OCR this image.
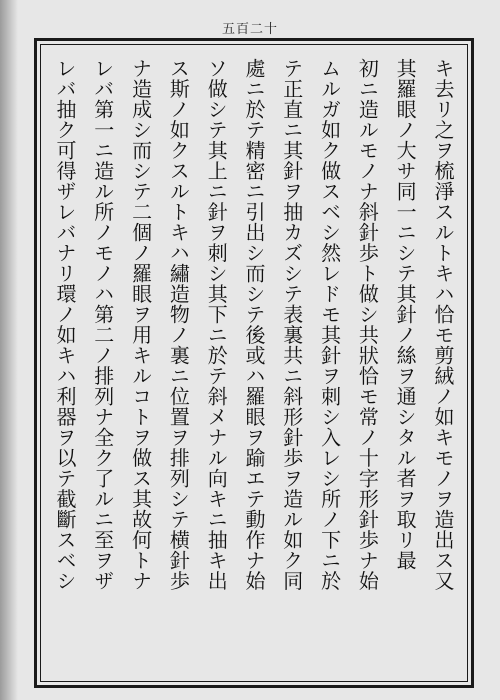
五百二十
キ去リ之ヲ梳淨スルトキハ恰モ剪絨ノ如キモノヲ造出ス又
其羅眼ノ大サ同一ニシテ其針ノ絲ヲ通シタル者ヲ取リ最
初ニ造ルモノナ斜針歩ト做シ共狀恰モ常ノ十字形針歩ナ始
ムルガ如ク做スベシ然レドモ其針ヲ刺シ入レシ所ノ下ニ於
テ正直ニ其針ヲ抽カズシテ表裏共ニ斜形針歩ヲ造ル如ク同
處ニ於テ精密ニ引出シ而シテ後或ハ羅眼ヲ踰エテ動作ナ始
ソ做シテ其上ニ針ヲ刺シ其下ニ於テ斜メナル向キニ抽キ出
ス斯ノ如クスルトキハ繡造物ノ裏ニ位置ヲ排列シテ横針歩
ナ造成シ而シテ二個ノ羅眼ヲ用キルコトヲ做ス其故何トナ
レバ第一ニ造ル所ノモノハ第二ノ排列ナ全ク了ルニ至ヲザ
レバ抽ク可得ザレバナリ環ノ如キハ利器ヲ以テ截斷スベシ
